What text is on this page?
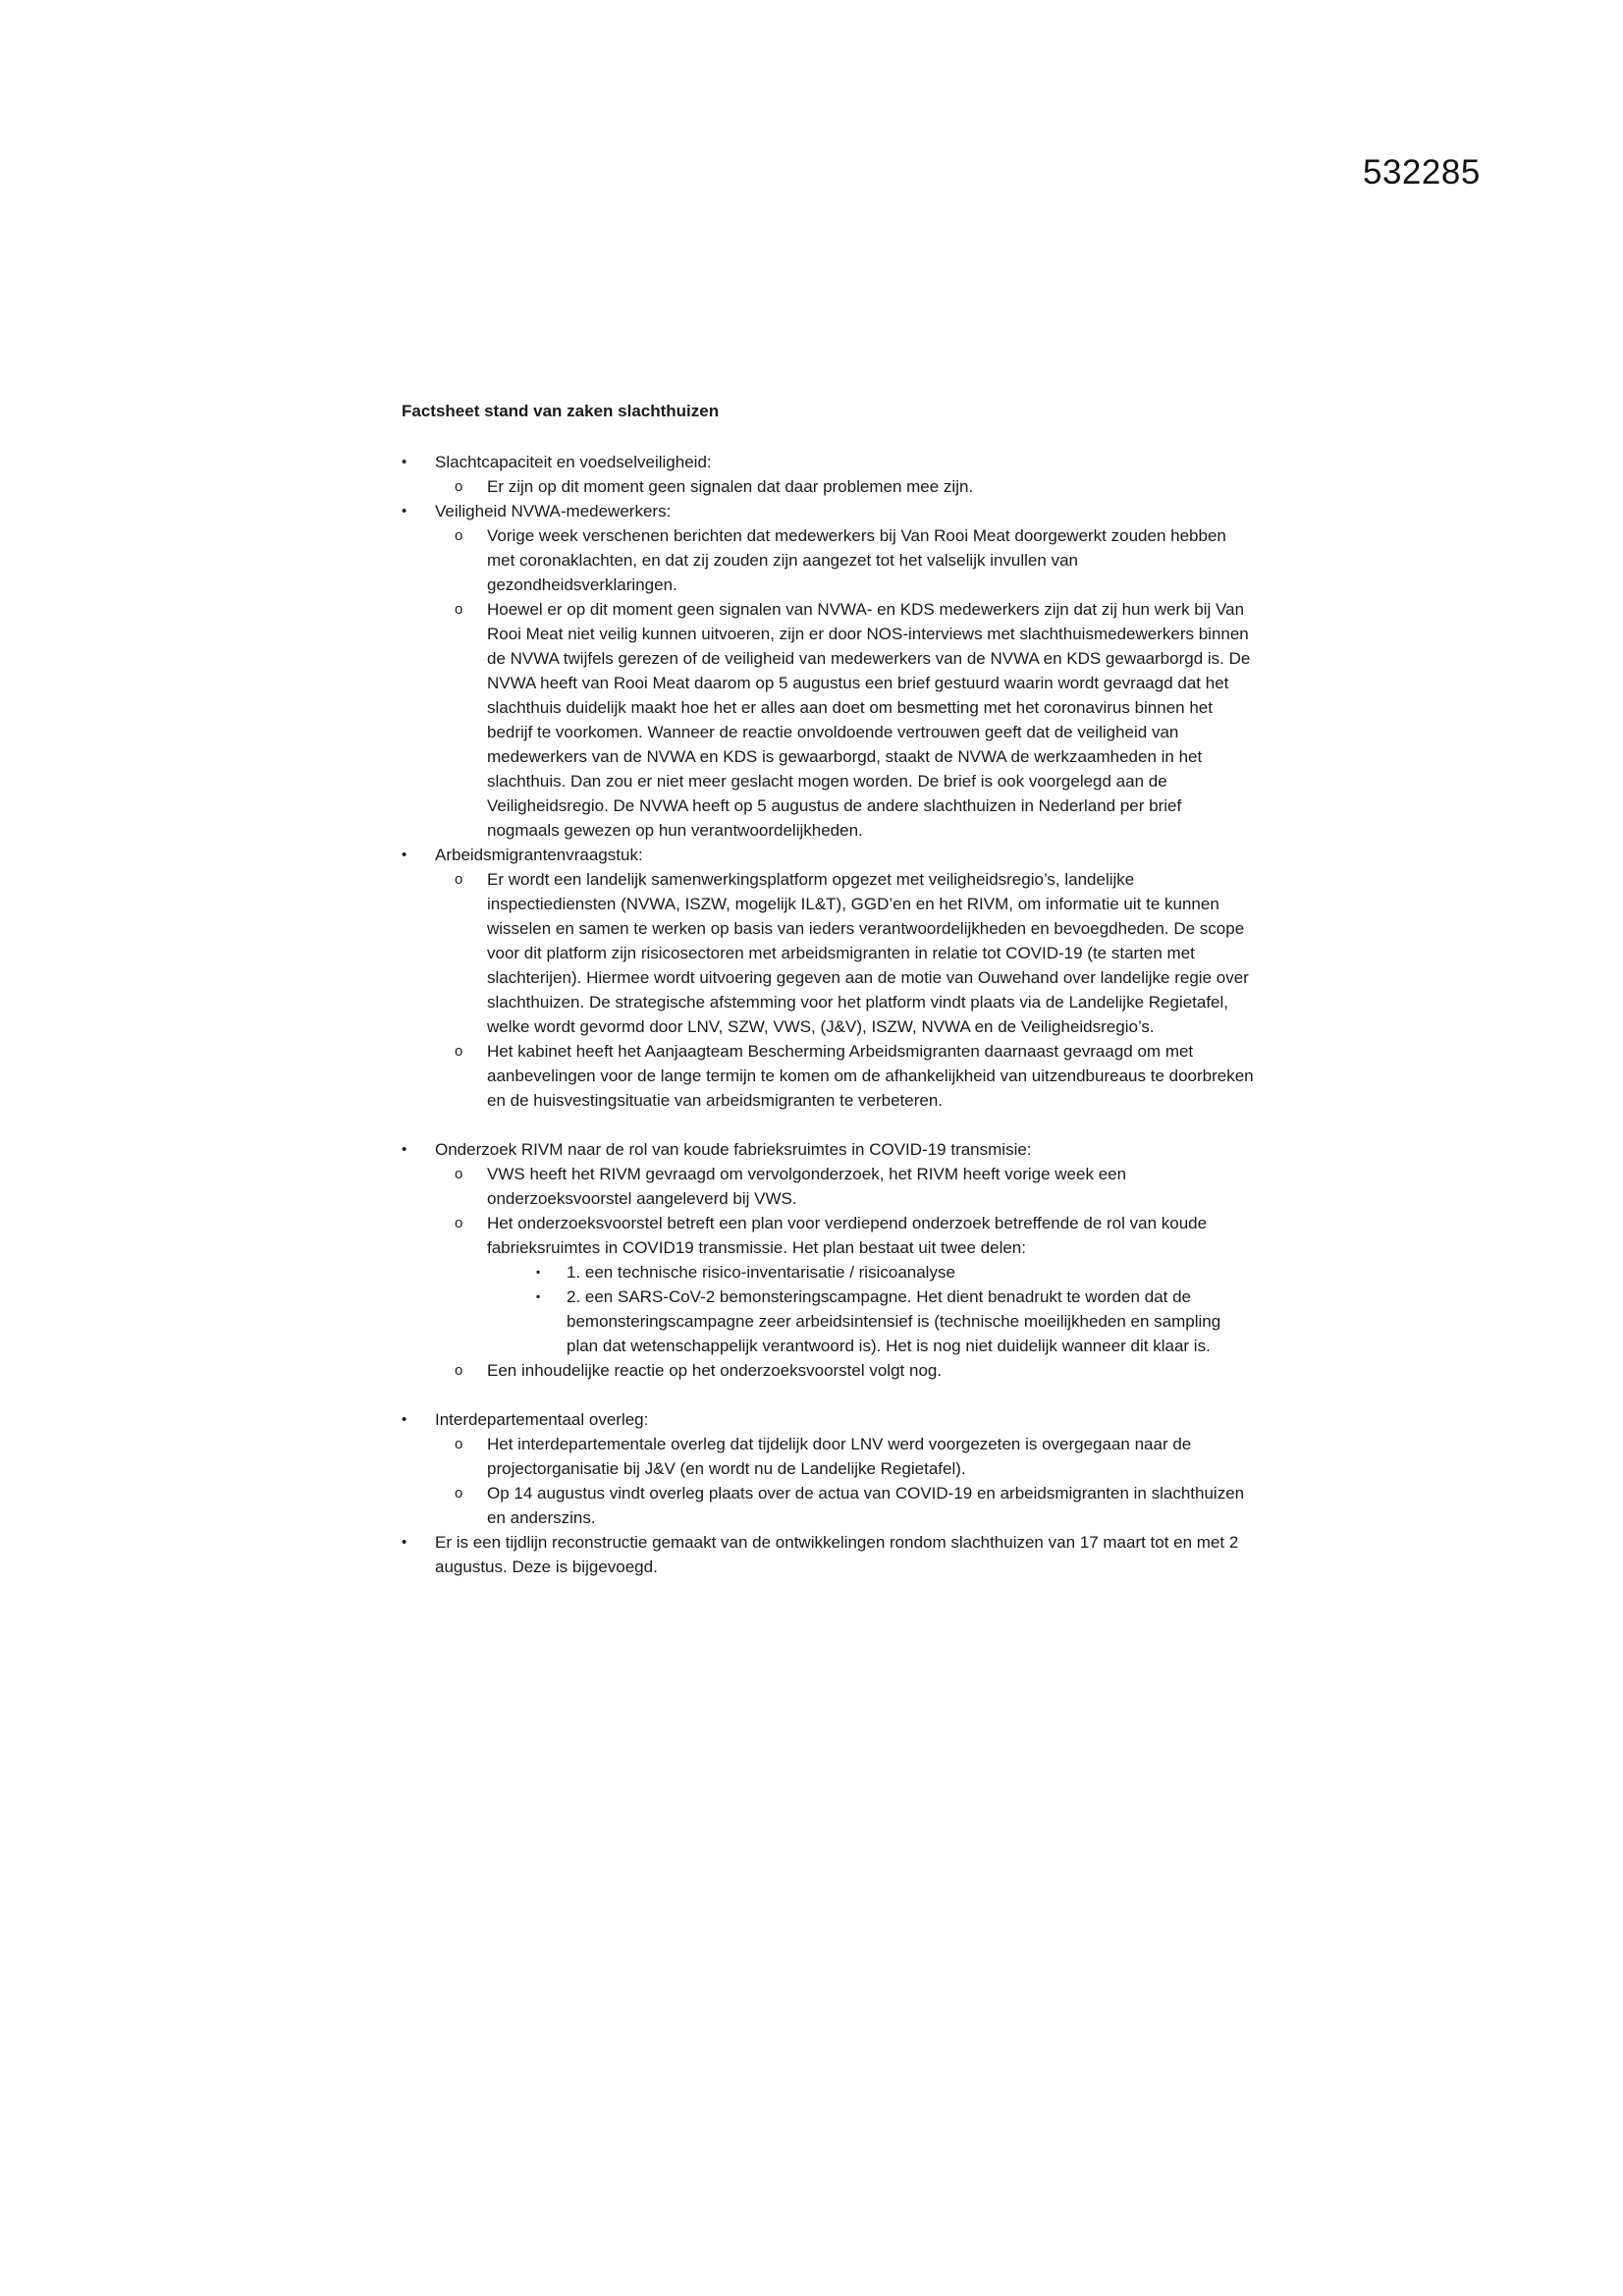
532285
Factsheet stand van zaken slachthuizen
•	Slachtcapaciteit en voedselveiligheid:
o Er zijn op dit moment geen signalen dat daar problemen mee zijn.
•	Veiligheid NVWA-medewerkers:
o Vorige week verschenen berichten dat medewerkers bij Van Rooi Meat doorgewerkt zouden hebben met coronaklachten, en dat zij zouden zijn aangezet tot het valselijk invullen van gezondheidsverklaringen.
o Hoewel er op dit moment geen signalen van NVWA- en KDS medewerkers zijn dat zij hun werk bij Van Rooi Meat niet veilig kunnen uitvoeren, zijn er door NOS-interviews met slachthuismedewerkers binnen de NVWA twijfels gerezen of de veiligheid van medewerkers van de NVWA en KDS gewaarborgd is. De NVWA heeft van Rooi Meat daarom op 5 augustus een brief gestuurd waarin wordt gevraagd dat het slachthuis duidelijk maakt hoe het er alles aan doet om besmetting met het coronavirus binnen het bedrijf te voorkomen. Wanneer de reactie onvoldoende vertrouwen geeft dat de veiligheid van medewerkers van de NVWA en KDS is gewaarborgd, staakt de NVWA de werkzaamheden in het slachthuis. Dan zou er niet meer geslacht mogen worden. De brief is ook voorgelegd aan de Veiligheidsregio. De NVWA heeft op 5 augustus de andere slachthuizen in Nederland per brief nogmaals gewezen op hun verantwoordelijkheden.
•	Arbeidsmigrantenvraagstuk:
o Er wordt een landelijk samenwerkingsplatform opgezet met veiligheidsregio’s, landelijke inspectiediensten (NVWA, ISZW, mogelijk IL&T), GGD’en en het RIVM, om informatie uit te kunnen wisselen en samen te werken op basis van ieders verantwoordelijkheden en bevoegdheden. De scope voor dit platform zijn risicosectoren met arbeidsmigranten in relatie tot COVID-19 (te starten met slachterijen). Hiermee wordt uitvoering gegeven aan de motie van Ouwehand over landelijke regie over slachthuizen. De strategische afstemming voor het platform vindt plaats via de Landelijke Regietafel, welke wordt gevormd door LNV, SZW, VWS, (J&V), ISZW, NVWA en de Veiligheidsregio’s.
o Het kabinet heeft het Aanjaagteam Bescherming Arbeidsmigranten daarnaast gevraagd om met aanbevelingen voor de lange termijn te komen om de afhankelijkheid van uitzendbureaus te doorbreken en de huisvestingsituatie van arbeidsmigranten te verbeteren.
•	Onderzoek RIVM naar de rol van koude fabrieksruimtes in COVID-19 transmisie:
o VWS heeft het RIVM gevraagd om vervolgonderzoek, het RIVM heeft vorige week een onderzoeksvoorstel aangeleverd bij VWS.
o Het onderzoeksvoorstel betreft een plan voor verdiepend onderzoek betreffende de rol van koude fabrieksruimtes in COVID19 transmissie. Het plan bestaat uit twee delen:
▪ 1. een technische risico-inventarisatie / risicoanalyse
▪ 2. een SARS-CoV-2 bemonsteringscampagne. Het dient benadrukt te worden dat de bemonsteringscampagne zeer arbeidsintensief is (technische moeilijkheden en sampling plan dat wetenschappelijk verantwoord is). Het is nog niet duidelijk wanneer dit klaar is.
o Een inhoudelijke reactie op het onderzoeksvoorstel volgt nog.
•	Interdepartementaal overleg:
o Het interdepartementale overleg dat tijdelijk door LNV werd voorgezeten is overgegaan naar de projectorganisatie bij J&V (en wordt nu de Landelijke Regietafel).
o Op 14 augustus vindt overleg plaats over de actua van COVID-19 en arbeidsmigranten in slachthuizen en anderszins.
•	Er is een tijdlijn reconstructie gemaakt van de ontwikkelingen rondom slachthuizen van 17 maart tot en met 2 augustus. Deze is bijgevoegd.
